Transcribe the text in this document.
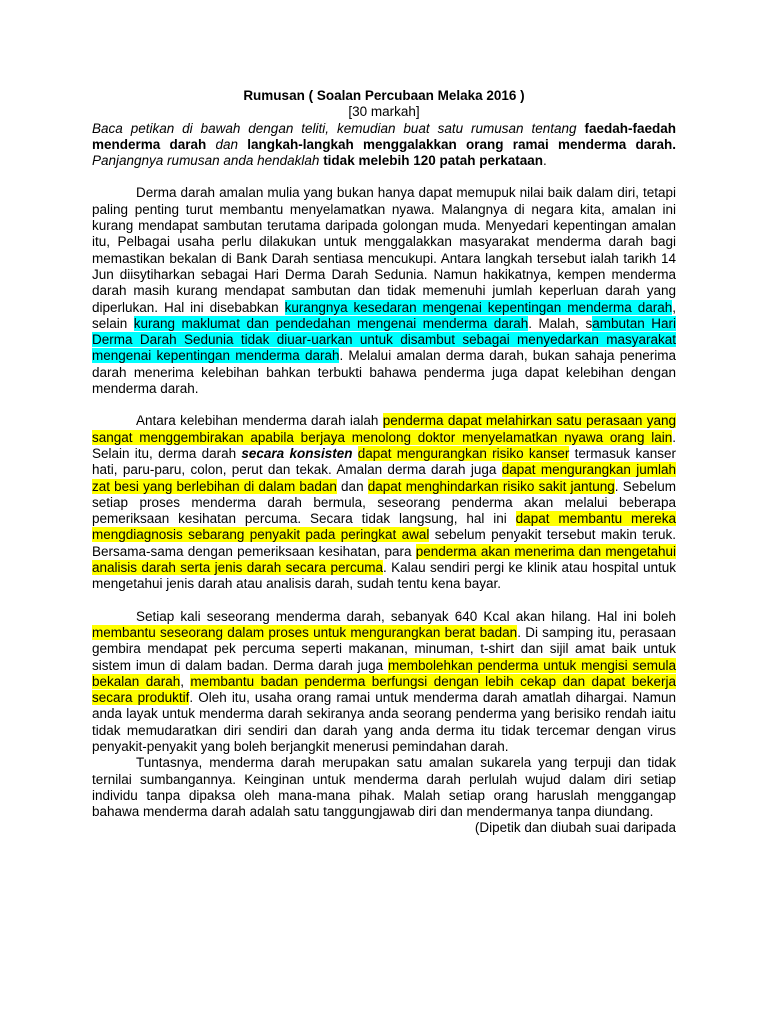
Rumusan ( Soalan Percubaan Melaka 2016 )
[30 markah]
Baca petikan di bawah dengan teliti, kemudian buat satu rumusan tentang faedah-faedah menderma darah dan langkah-langkah menggalakkan orang ramai menderma darah. Panjangnya rumusan anda hendaklah tidak melebih 120 patah perkataan.

Derma darah amalan mulia yang bukan hanya dapat memupuk nilai baik dalam diri, tetapi paling penting turut membantu menyelamatkan nyawa. Malangnya di negara kita, amalan ini kurang mendapat sambutan terutama daripada golongan muda. Menyedari kepentingan amalan itu, Pelbagai usaha perlu dilakukan untuk menggalakkan masyarakat menderma darah bagi memastikan bekalan di Bank Darah sentiasa mencukupi. Antara langkah tersebut ialah tarikh 14 Jun diisytiharkan sebagai Hari Derma Darah Sedunia. Namun hakikatnya, kempen menderma darah masih kurang mendapat sambutan dan tidak memenuhi jumlah keperluan darah yang diperlukan. Hal ini disebabkan kurangnya kesedaran mengenai kepentingan menderma darah, selain kurang maklumat dan pendedahan mengenai menderma darah. Malah, sambutan Hari Derma Darah Sedunia tidak diuar-uarkan untuk disambut sebagai menyedarkan masyarakat mengenai kepentingan menderma darah. Melalui amalan derma darah, bukan sahaja penerima darah menerima kelebihan bahkan terbukti bahawa penderma juga dapat kelebihan dengan menderma darah.

Antara kelebihan menderma darah ialah penderma dapat melahirkan satu perasaan yang sangat menggembirakan apabila berjaya menolong doktor menyelamatkan nyawa orang lain. Selain itu, derma darah secara konsisten dapat mengurangkan risiko kanser termasuk kanser hati, paru-paru, colon, perut dan tekak. Amalan derma darah juga dapat mengurangkan jumlah zat besi yang berlebihan di dalam badan dan dapat menghindarkan risiko sakit jantung. Sebelum setiap proses menderma darah bermula, seseorang penderma akan melalui beberapa pemeriksaan kesihatan percuma. Secara tidak langsung, hal ini dapat membantu mereka mengdiagnosis sebarang penyakit pada peringkat awal sebelum penyakit tersebut makin teruk. Bersama-sama dengan pemeriksaan kesihatan, para penderma akan menerima dan mengetahui analisis darah serta jenis darah secara percuma. Kalau sendiri pergi ke klinik atau hospital untuk mengetahui jenis darah atau analisis darah, sudah tentu kena bayar.

Setiap kali seseorang menderma darah, sebanyak 640 Kcal akan hilang. Hal ini boleh membantu seseorang dalam proses untuk mengurangkan berat badan. Di samping itu, perasaan gembira mendapat pek percuma seperti makanan, minuman, t-shirt dan sijil amat baik untuk sistem imun di dalam badan. Derma darah juga membolehkan penderma untuk mengisi semula bekalan darah, membantu badan penderma berfungsi dengan lebih cekap dan dapat bekerja secara produktif. Oleh itu, usaha orang ramai untuk menderma darah amatlah dihargai. Namun anda layak untuk menderma darah sekiranya anda seorang penderma yang berisiko rendah iaitu tidak memudaratkan diri sendiri dan darah yang anda derma itu tidak tercemar dengan virus penyakit-penyakit yang boleh berjangkit menerusi pemindahan darah.

Tuntasnya, menderma darah merupakan satu amalan sukarela yang terpuji dan tidak ternilai sumbangannya. Keinginan untuk menderma darah perlulah wujud dalam diri setiap individu tanpa dipaksa oleh mana-mana pihak. Malah setiap orang haruslah menggangap bahawa menderma darah adalah satu tanggungjawab diri dan mendermanya tanpa diundang.

(Dipetik dan diubah suai daripada
